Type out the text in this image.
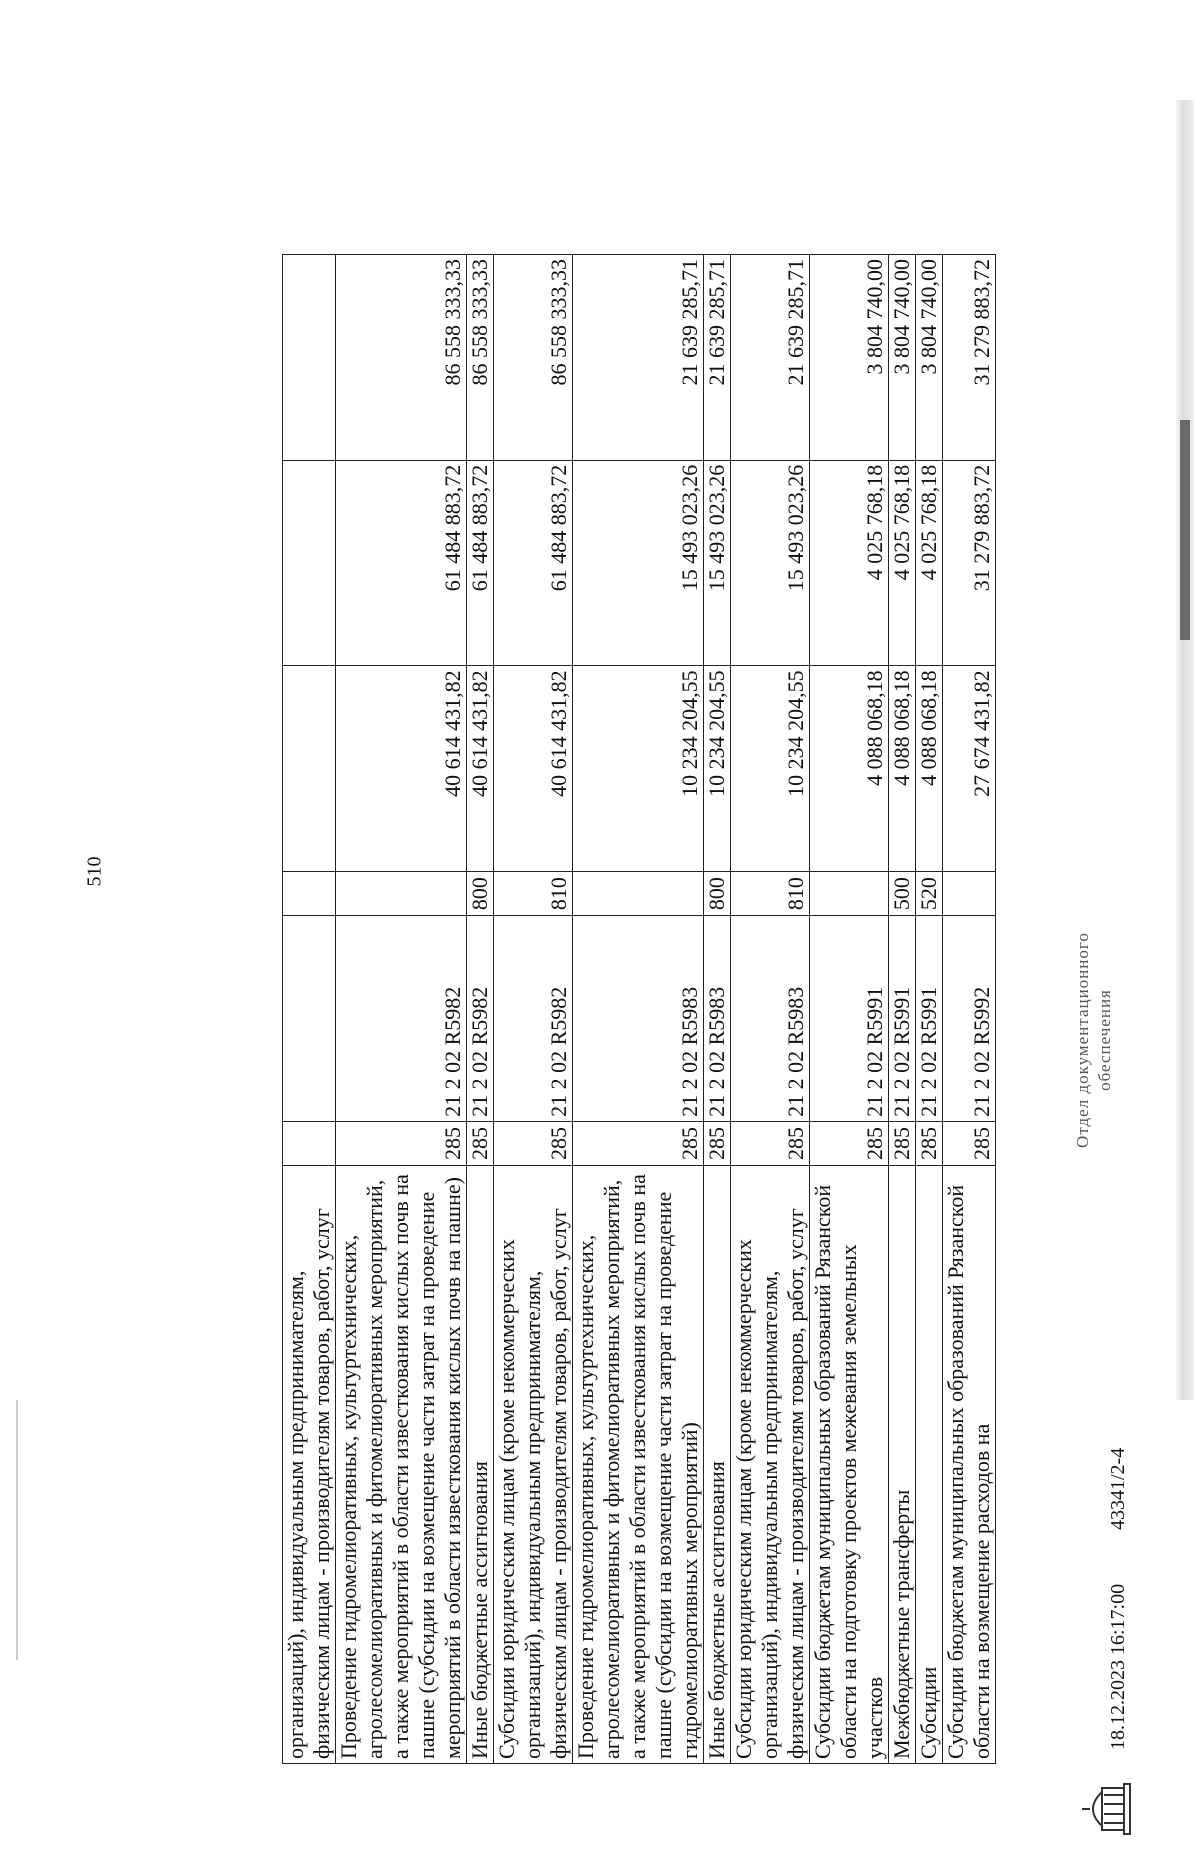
510
организаций), индивидуальным предпринимателям, физическим лицам - производителям товаров, работ, услуг						
Проведение гидромелиоративных, культуртехнических, агролесомелиоративных и фитомелиоративных мероприятий, а также мероприятий в области известкования кислых почв на пашне (субсидии на возмещение части затрат на проведение мероприятий в области известкования кислых почв на пашне)	285	21 2 02 R5982		40 614 431,82	61 484 883,72	86 558 333,33
Иные бюджетные ассигнования	285	21 2 02 R5982	800	40 614 431,82	61 484 883,72	86 558 333,33
Субсидии юридическим лицам (кроме некоммерческих организаций), индивидуальным предпринимателям, физическим лицам - производителям товаров, работ, услуг	285	21 2 02 R5982	810	40 614 431,82	61 484 883,72	86 558 333,33
Проведение гидромелиоративных, культуртехнических, агролесомелиоративных и фитомелиоративных мероприятий, а также мероприятий в области известкования кислых почв на пашне (субсидии на возмещение части затрат на проведение гидромелиоративных мероприятий)	285	21 2 02 R5983		10 234 204,55	15 493 023,26	21 639 285,71
Иные бюджетные ассигнования	285	21 2 02 R5983	800	10 234 204,55	15 493 023,26	21 639 285,71
Субсидии юридическим лицам (кроме некоммерческих организаций), индивидуальным предпринимателям, физическим лицам - производителям товаров, работ, услуг	285	21 2 02 R5983	810	10 234 204,55	15 493 023,26	21 639 285,71
Субсидии бюджетам муниципальных образований Рязанской области на подготовку проектов межевания земельных участков	285	21 2 02 R5991		4 088 068,18	4 025 768,18	3 804 740,00
Межбюджетные трансферты	285	21 2 02 R5991	500	4 088 068,18	4 025 768,18	3 804 740,00
Субсидии	285	21 2 02 R5991	520	4 088 068,18	4 025 768,18	3 804 740,00
Субсидии бюджетам муниципальных образований Рязанской области на возмещение расходов на	285	21 2 02 R5992		27 674 431,82	31 279 883,72	31 279 883,72
18.12.2023 16:17:00
43341/2-4
Отдел документационного обеспечения
